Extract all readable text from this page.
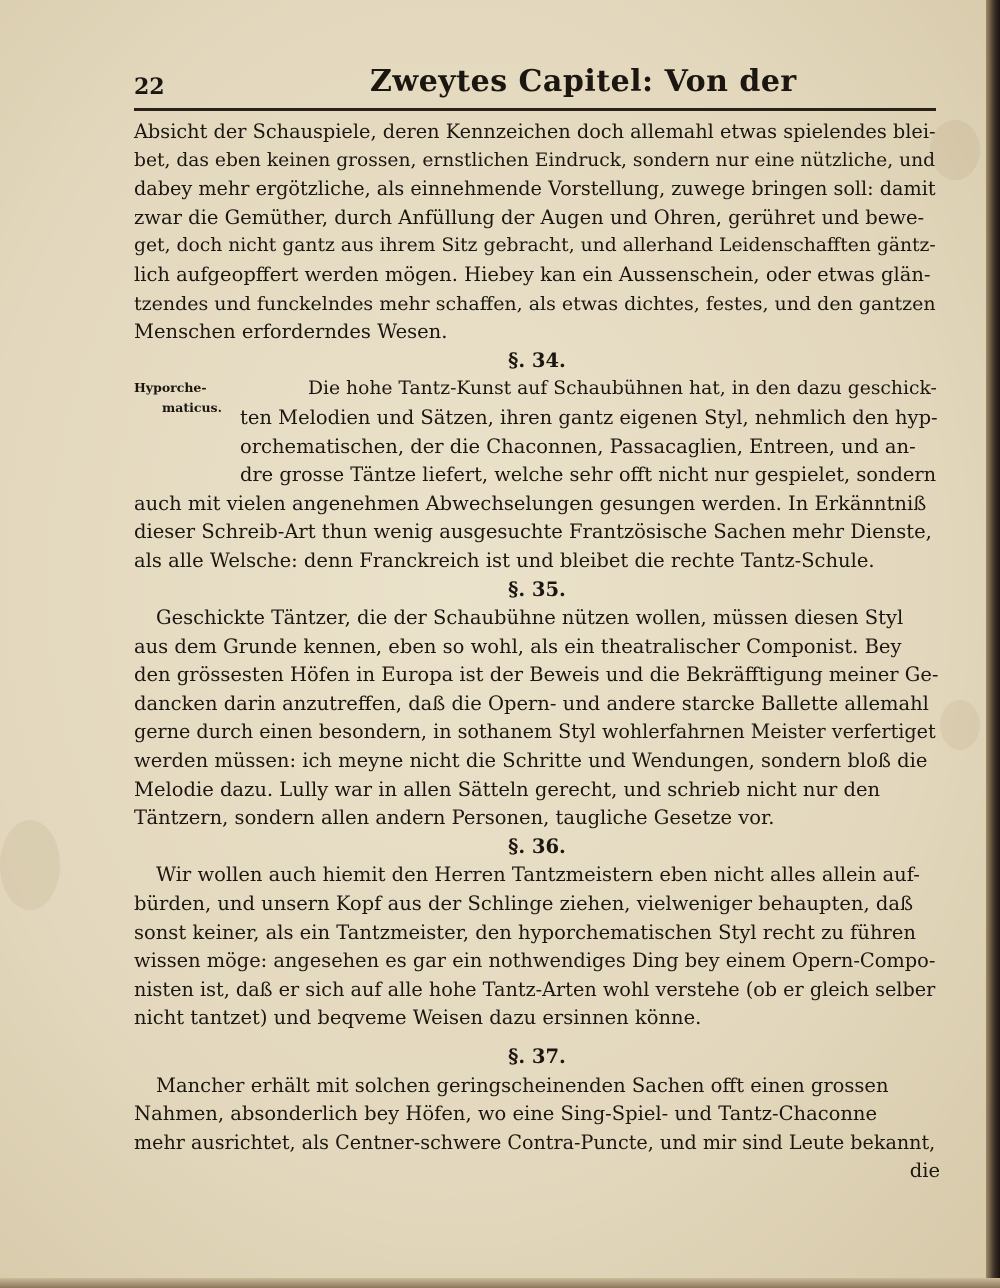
22	Zweytes Capitel: Von der
Hyporche-
maticus.
Absicht der Schauspiele, deren Kennzeichen doch allemahl etwas spielendes blei-
bet, das eben keinen grossen, ernstlichen Eindruck, sondern nur eine nützliche, und
dabey mehr ergötzliche, als einnehmende Vorstellung, zuwege bringen soll: damit
zwar die Gemüther, durch Anfüllung der Augen und Ohren, gerühret und bewe-
get, doch nicht gantz aus ihrem Sitz gebracht, und allerhand Leidenschafften gäntz-
lich aufgeopffert werden mögen. Hiebey kan ein Aussenschein, oder etwas glän-
tzendes und funckelndes mehr schaffen, als etwas dichtes, festes, und den gantzen
Menschen erforderndes Wesen.
§. 34.
Die hohe Tantz-Kunst auf Schaubühnen hat, in den dazu geschick-
ten Melodien und Sätzen, ihren gantz eigenen Styl, nehmlich den hyp-
orchematischen, der die Chaconnen, Passacaglien, Entreen, und an-
dre grosse Täntze liefert, welche sehr offt nicht nur gespielet, sondern
auch mit vielen angenehmen Abwechselungen gesungen werden. In Erkänntniß
dieser Schreib-Art thun wenig ausgesuchte Frantzösische Sachen mehr Dienste,
als alle Welsche: denn Franckreich ist und bleibet die rechte Tantz-Schule.
§. 35.
Geschickte Täntzer, die der Schaubühne nützen wollen, müssen diesen Styl
aus dem Grunde kennen, eben so wohl, als ein theatralischer Componist. Bey
den grössesten Höfen in Europa ist der Beweis und die Bekräfftigung meiner Ge-
dancken darin anzutreffen, daß die Opern- und andere starcke Ballette allemahl
gerne durch einen besondern, in sothanem Styl wohlerfahrnen Meister verfertiget
werden müssen: ich meyne nicht die Schritte und Wendungen, sondern bloß die
Melodie dazu. Lully war in allen Sätteln gerecht, und schrieb nicht nur den
Täntzern, sondern allen andern Personen, taugliche Gesetze vor.
§. 36.
Wir wollen auch hiemit den Herren Tantzmeistern eben nicht alles allein auf-
bürden, und unsern Kopf aus der Schlinge ziehen, vielweniger behaupten, daß
sonst keiner, als ein Tantzmeister, den hyporchematischen Styl recht zu führen
wissen möge: angesehen es gar ein nothwendiges Ding bey einem Opern-Compo-
nisten ist, daß er sich auf alle hohe Tantz-Arten wohl verstehe (ob er gleich selber
nicht tantzet) und beqveme Weisen dazu ersinnen könne.
§. 37.
Mancher erhält mit solchen geringscheinenden Sachen offt einen grossen
Nahmen, absonderlich bey Höfen, wo eine Sing-Spiel- und Tantz-Chaconne
mehr ausrichtet, als Centner-schwere Contra-Puncte, und mir sind Leute bekannt,
die
